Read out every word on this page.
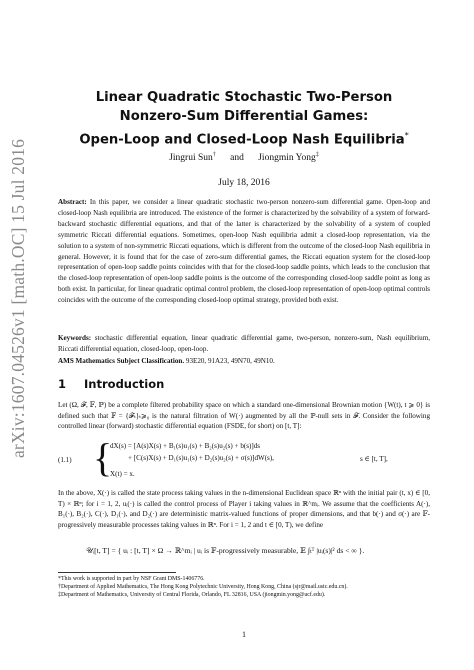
arXiv:1607.04526v1 [math.OC] 15 Jul 2016
Linear Quadratic Stochastic Two-Person
Nonzero-Sum Differential Games:
Open-Loop and Closed-Loop Nash Equilibria*
Jingrui Sun† and Jiongmin Yong‡
July 18, 2016
Abstract: In this paper, we consider a linear quadratic stochastic two-person nonzero-sum differential game. Open-loop and closed-loop Nash equilibria are introduced. The existence of the former is characterized by the solvability of a system of forward-backward stochastic differential equations, and that of the latter is characterized by the solvability of a system of coupled symmetric Riccati differential equations. Sometimes, open-loop Nash equilibria admit a closed-loop representation, via the solution to a system of non-symmetric Riccati equations, which is different from the outcome of the closed-loop Nash equilibria in general. However, it is found that for the case of zero-sum differential games, the Riccati equation system for the closed-loop representation of open-loop saddle points coincides with that for the closed-loop saddle points, which leads to the conclusion that the closed-loop representation of open-loop saddle points is the outcome of the corresponding closed-loop saddle point as long as both exist. In particular, for linear quadratic optimal control problem, the closed-loop representation of open-loop optimal controls coincides with the outcome of the corresponding closed-loop optimal strategy, provided both exist.
Keywords: stochastic differential equation, linear quadratic differential game, two-person, nonzero-sum, Nash equilibrium, Riccati differential equation, closed-loop, open-loop.
AMS Mathematics Subject Classification. 93E20, 91A23, 49N70, 49N10.
1 Introduction
Let (Ω, 𝓕, 𝔽, ℙ) be a complete filtered probability space on which a standard one-dimensional Brownian motion {W(t), t ⩾ 0} is defined such that 𝔽 = {𝓕ₜ}ₜ⩾₀ is the natural filtration of W(·) augmented by all the ℙ-null sets in 𝓕. Consider the following controlled linear (forward) stochastic differential equation (FSDE, for short) on [t, T]:
(1.1) {
dX(s) = [A(s)X(s) + B₁(s)u₁(s) + B₂(s)u₂(s) + b(s)]ds
+ [C(s)X(s) + D₁(s)u₁(s) + D₂(s)u₂(s) + σ(s)]dW(s),	s ∈ [t, T],
X(t) = x.
In the above, X(·) is called the state process taking values in the n-dimensional Euclidean space ℝⁿ with the initial pair (t, x) ∈ [0, T) × ℝⁿ; for i = 1, 2, uᵢ(·) is called the control process of Player i taking values in ℝ^mᵢ. We assume that the coefficients A(·), B₁(·), B₂(·), C(·), D₁(·), and D₂(·) are deterministic matrix-valued functions of proper dimensions, and that b(·) and σ(·) are 𝔽-progressively measurable processes taking values in ℝⁿ. For i = 1, 2 and t ∈ [0, T), we define
𝒰ᵢ[t, T] = { uᵢ : [t, T] × Ω → ℝ^mᵢ | uᵢ is 𝔽-progressively measurable, 𝔼 ∫ₜᵀ |uᵢ(s)|² ds < ∞ }.
*This work is supported in part by NSF Grant DMS-1406776.
†Department of Applied Mathematics, The Hong Kong Polytechnic University, Hong Kong, China (sjr@mail.ustc.edu.cn).
‡Department of Mathematics, University of Central Florida, Orlando, FL 32816, USA (jiongmin.yong@ucf.edu).
1
